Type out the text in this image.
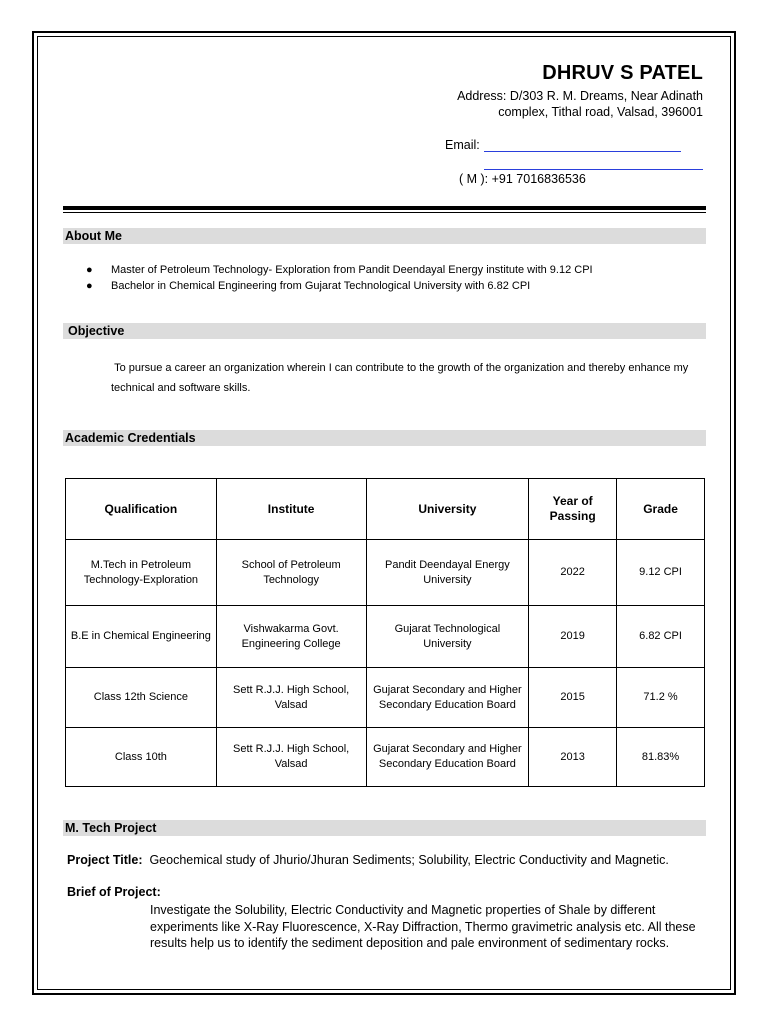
DHRUV S PATEL
Address: D/303 R. M. Dreams, Near Adinath
complex, Tithal road, Valsad, 396001
Email:
( M ): +91 7016836536
About Me
●	Master of Petroleum Technology- Exploration from Pandit Deendayal Energy institute with 9.12 CPI
●	Bachelor in Chemical Engineering from Gujarat Technological University with 6.82 CPI
Objective
To pursue a career an organization wherein I can contribute to the growth of the organization and thereby enhance my technical and software skills.
Academic Credentials
Qualification	Institute	University	Year of Passing	Grade
M.Tech in Petroleum Technology-Exploration	School of Petroleum Technology	Pandit Deendayal Energy University	2022	9.12 CPI
B.E in Chemical Engineering	Vishwakarma Govt. Engineering College	Gujarat Technological University	2019	6.82 CPI
Class 12th Science	Sett R.J.J. High School, Valsad	Gujarat Secondary and Higher Secondary Education Board	2015	71.2 %
Class 10th	Sett R.J.J. High School, Valsad	Gujarat Secondary and Higher Secondary Education Board	2013	81.83%
M. Tech Project
Project Title: Geochemical study of Jhurio/Jhuran Sediments; Solubility, Electric Conductivity and Magnetic.
Brief of Project:
Investigate the Solubility, Electric Conductivity and Magnetic properties of Shale by different experiments like X-Ray Fluorescence, X-Ray Diffraction, Thermo gravimetric analysis etc. All these results help us to identify the sediment deposition and pale environment of sedimentary rocks.
